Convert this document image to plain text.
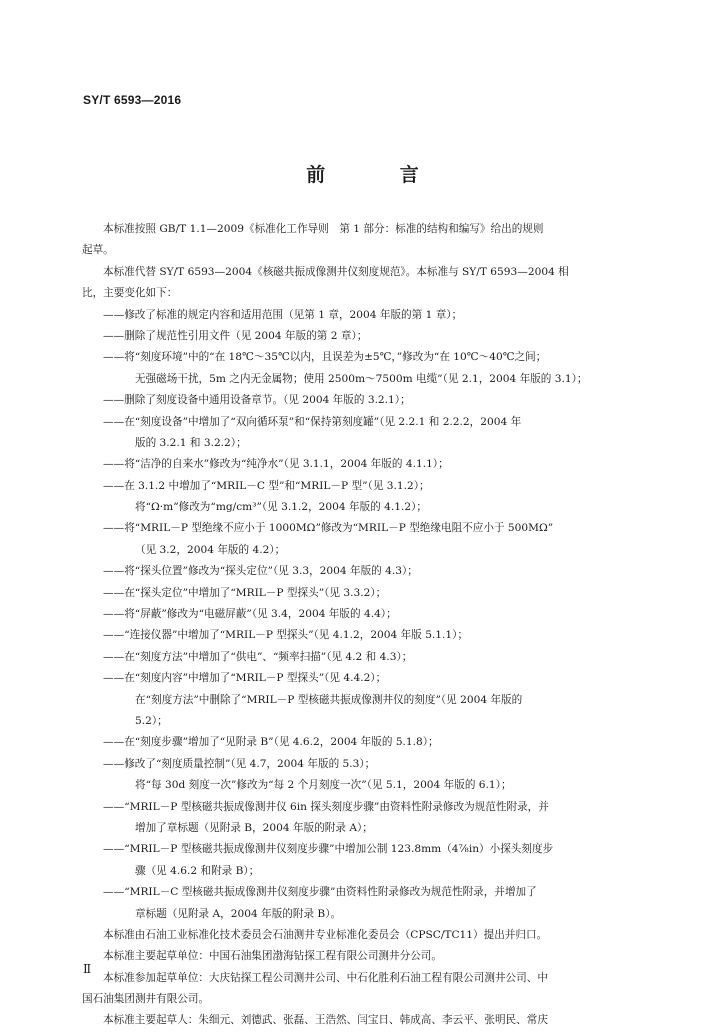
SY/T 6593—2016
前 言
本标准按照 GB/T 1.1—2009《标准化工作导则　第 1 部分：标准的结构和编写》给出的规则
起草。
本标准代替 SY/T 6593—2004《核磁共振成像测井仪刻度规范》。本标准与 SY/T 6593—2004 相
比，主要变化如下：
——修改了标准的规定内容和适用范围（见第 1 章，2004 年版的第 1 章）；
——删除了规范性引用文件（见 2004 年版的第 2 章）；
——将“刻度环境”中的“在 18℃～35℃以内，且误差为±5℃，”修改为“在 10℃～40℃之间；
无强磁场干扰，5m 之内无金属物；使用 2500m～7500m 电缆”（见 2.1，2004 年版的 3.1）；
——删除了刻度设备中通用设备章节。（见 2004 年版的 3.2.1）；
——在“刻度设备”中增加了“双向循环泵”和“保持第刻度罐”（见 2.2.1 和 2.2.2，2004 年
版的 3.2.1 和 3.2.2）；
——将“洁净的自来水”修改为“纯净水”（见 3.1.1，2004 年版的 4.1.1）；
——在 3.1.2 中增加了“MRIL－C 型”和“MRIL－P 型”（见 3.1.2）；
将“Ω·m”修改为“mg/cm³”（见 3.1.2，2004 年版的 4.1.2）；
——将“MRIL－P 型绝缘不应小于 1000MΩ”修改为“MRIL－P 型绝缘电阻不应小于 500MΩ”
（见 3.2，2004 年版的 4.2）；
——将“探头位置”修改为“探头定位”（见 3.3，2004 年版的 4.3）；
——在“探头定位”中增加了“MRIL－P 型探头”（见 3.3.2）；
——将“屏蔽”修改为“电磁屏蔽”（见 3.4，2004 年版的 4.4）；
——“连接仪器”中增加了“MRIL－P 型探头”（见 4.1.2，2004 年版 5.1.1）；
——在“刻度方法”中增加了“供电”、“频率扫描”（见 4.2 和 4.3）；
——在“刻度内容”中增加了“MRIL－P 型探头”（见 4.4.2）；
在“刻度方法”中删除了“MRIL－P 型核磁共振成像测井仪的刻度”（见 2004 年版的
5.2）；
——在“刻度步骤”增加了“见附录 B”（见 4.6.2，2004 年版的 5.1.8）；
——修改了“刻度质量控制”（见 4.7，2004 年版的 5.3）；
将“每 30d 刻度一次”修改为“每 2 个月刻度一次”（见 5.1，2004 年版的 6.1）；
——“MRIL－P 型核磁共振成像测井仪 6in 探头刻度步骤”由资料性附录修改为规范性附录，并
增加了章标题（见附录 B，2004 年版的附录 A）；
——“MRIL－P 型核磁共振成像测井仪刻度步骤”中增加公制 123.8mm（4⅞in）小探头刻度步
骤（见 4.6.2 和附录 B）；
——“MRIL－C 型核磁共振成像测井仪刻度步骤”由资料性附录修改为规范性附录，并增加了
章标题（见附录 A，2004 年版的附录 B）。
本标准由石油工业标准化技术委员会石油测井专业标准化委员会（CPSC/TC11）提出并归口。
本标准主要起草单位：中国石油集团渤海钻探工程有限公司测井分公司。
本标准参加起草单位：大庆钻探工程公司测井公司、中石化胜利石油工程有限公司测井公司、中
国石油集团测井有限公司。
本标准主要起草人：朱细元、刘德武、张磊、王浩然、闫宝日、韩成高、李云平、张明民、常庆
Ⅱ
